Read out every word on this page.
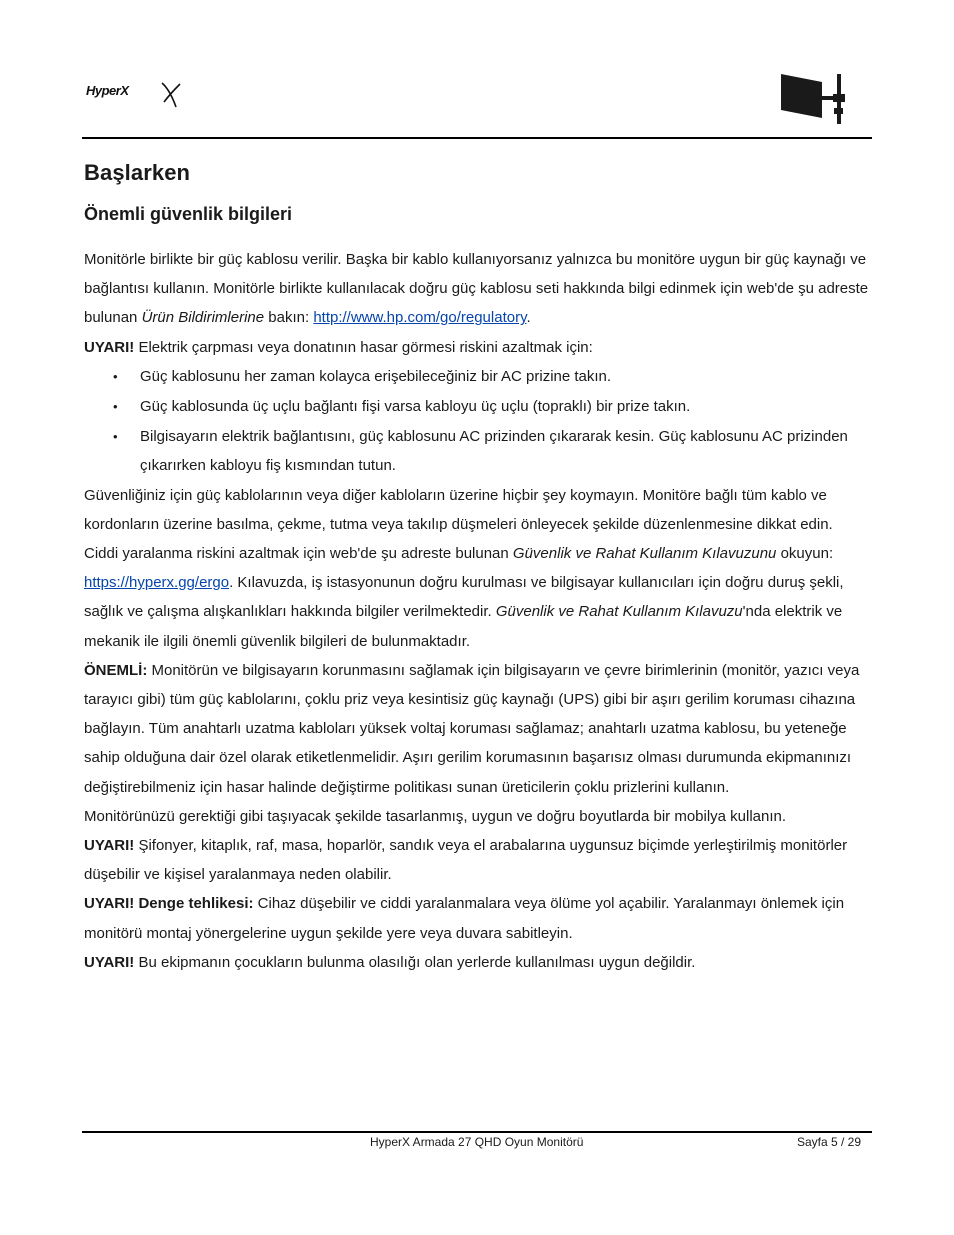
HyperX
Başlarken
Önemli güvenlik bilgileri

Monitörle birlikte bir güç kablosu verilir. Başka bir kablo kullanıyorsanız yalnızca bu monitöre uygun bir güç kaynağı ve bağlantısı kullanın. Monitörle birlikte kullanılacak doğru güç kablosu seti hakkında bilgi edinmek için web'de şu adreste bulunan Ürün Bildirimlerine bakın: http://www.hp.com/go/regulatory.

UYARI! Elektrik çarpması veya donatının hasar görmesi riskini azaltmak için:

• Güç kablosunu her zaman kolayca erişebileceğiniz bir AC prizine takın.
• Güç kablosunda üç uçlu bağlantı fişi varsa kabloyu üç uçlu (topraklı) bir prize takın.
• Bilgisayarın elektrik bağlantısını, güç kablosunu AC prizinden çıkararak kesin. Güç kablosunu AC prizinden çıkarırken kabloyu fiş kısmından tutun.

Güvenliğiniz için güç kablolarının veya diğer kabloların üzerine hiçbir şey koymayın. Monitöre bağlı tüm kablo ve kordonların üzerine basılma, çekme, tutma veya takılıp düşmeleri önleyecek şekilde düzenlenmesine dikkat edin.

Ciddi yaralanma riskini azaltmak için web'de şu adreste bulunan Güvenlik ve Rahat Kullanım Kılavuzunu okuyun: https://hyperx.gg/ergo. Kılavuzda, iş istasyonunun doğru kurulması ve bilgisayar kullanıcıları için doğru duruş şekli, sağlık ve çalışma alışkanlıkları hakkında bilgiler verilmektedir. Güvenlik ve Rahat Kullanım Kılavuzu'nda elektrik ve mekanik ile ilgili önemli güvenlik bilgileri de bulunmaktadır.

ÖNEMLİ: Monitörün ve bilgisayarın korunmasını sağlamak için bilgisayarın ve çevre birimlerinin (monitör, yazıcı veya tarayıcı gibi) tüm güç kablolarını, çoklu priz veya kesintisiz güç kaynağı (UPS) gibi bir aşırı gerilim koruması cihazına bağlayın. Tüm anahtarlı uzatma kabloları yüksek voltaj koruması sağlamaz; anahtarlı uzatma kablosu, bu yeteneğe sahip olduğuna dair özel olarak etiketlenmelidir. Aşırı gerilim korumasının başarısız olması durumunda ekipmanınızı değiştirebilmeniz için hasar halinde değiştirme politikası sunan üreticilerin çoklu prizlerini kullanın.

Monitörünüzü gerektiği gibi taşıyacak şekilde tasarlanmış, uygun ve doğru boyutlarda bir mobilya kullanın.

UYARI! Şifonyer, kitaplık, raf, masa, hoparlör, sandık veya el arabalarına uygunsuz biçimde yerleştirilmiş monitörler düşebilir ve kişisel yaralanmaya neden olabilir.

UYARI! Denge tehlikesi: Cihaz düşebilir ve ciddi yaralanmalara veya ölüme yol açabilir. Yaralanmayı önlemek için monitörü montaj yönergelerine uygun şekilde yere veya duvara sabitleyin.

UYARI! Bu ekipmanın çocukların bulunma olasılığı olan yerlerde kullanılması uygun değildir.

HyperX Armada 27 QHD Oyun Monitörü	Sayfa 5 / 29
